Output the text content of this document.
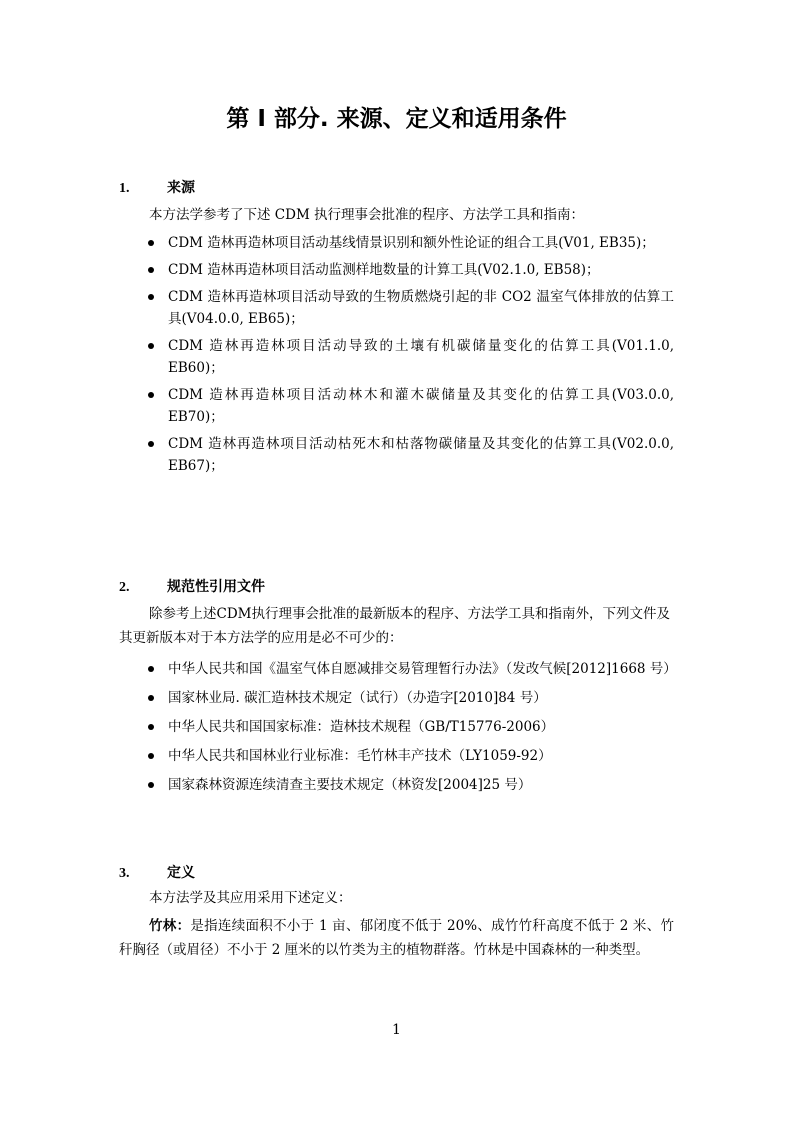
第 I 部分. 来源、定义和适用条件
1.	来源
本方法学参考了下述 CDM 执行理事会批准的程序、方法学工具和指南：
CDM 造林再造林项目活动基线情景识别和额外性论证的组合工具(V01, EB35)；
CDM 造林再造林项目活动监测样地数量的计算工具(V02.1.0, EB58)；
CDM 造林再造林项目活动导致的生物质燃烧引起的非 CO2 温室气体排放的估算工具(V04.0.0, EB65)；
CDM 造林再造林项目活动导致的土壤有机碳储量变化的估算工具(V01.1.0, EB60)；
CDM 造林再造林项目活动林木和灌木碳储量及其变化的估算工具(V03.0.0, EB70)；
CDM 造林再造林项目活动枯死木和枯落物碳储量及其变化的估算工具(V02.0.0, EB67)；
2.	规范性引用文件
除参考上述CDM执行理事会批准的最新版本的程序、方法学工具和指南外，下列文件及其更新版本对于本方法学的应用是必不可少的：
中华人民共和国《温室气体自愿减排交易管理暂行办法》（发改气候[2012]1668 号）
国家林业局. 碳汇造林技术规定（试行）（办造字[2010]84 号）
中华人民共和国国家标准：造林技术规程（GB/T15776-2006）
中华人民共和国林业行业标准：毛竹林丰产技术（LY1059-92）
国家森林资源连续清查主要技术规定（林资发[2004]25 号）
3.	定义
本方法学及其应用采用下述定义：
竹林：是指连续面积不小于 1 亩、郁闭度不低于 20%、成竹竹秆高度不低于 2 米、竹秆胸径（或眉径）不小于 2 厘米的以竹类为主的植物群落。竹林是中国森林的一种类型。
1
